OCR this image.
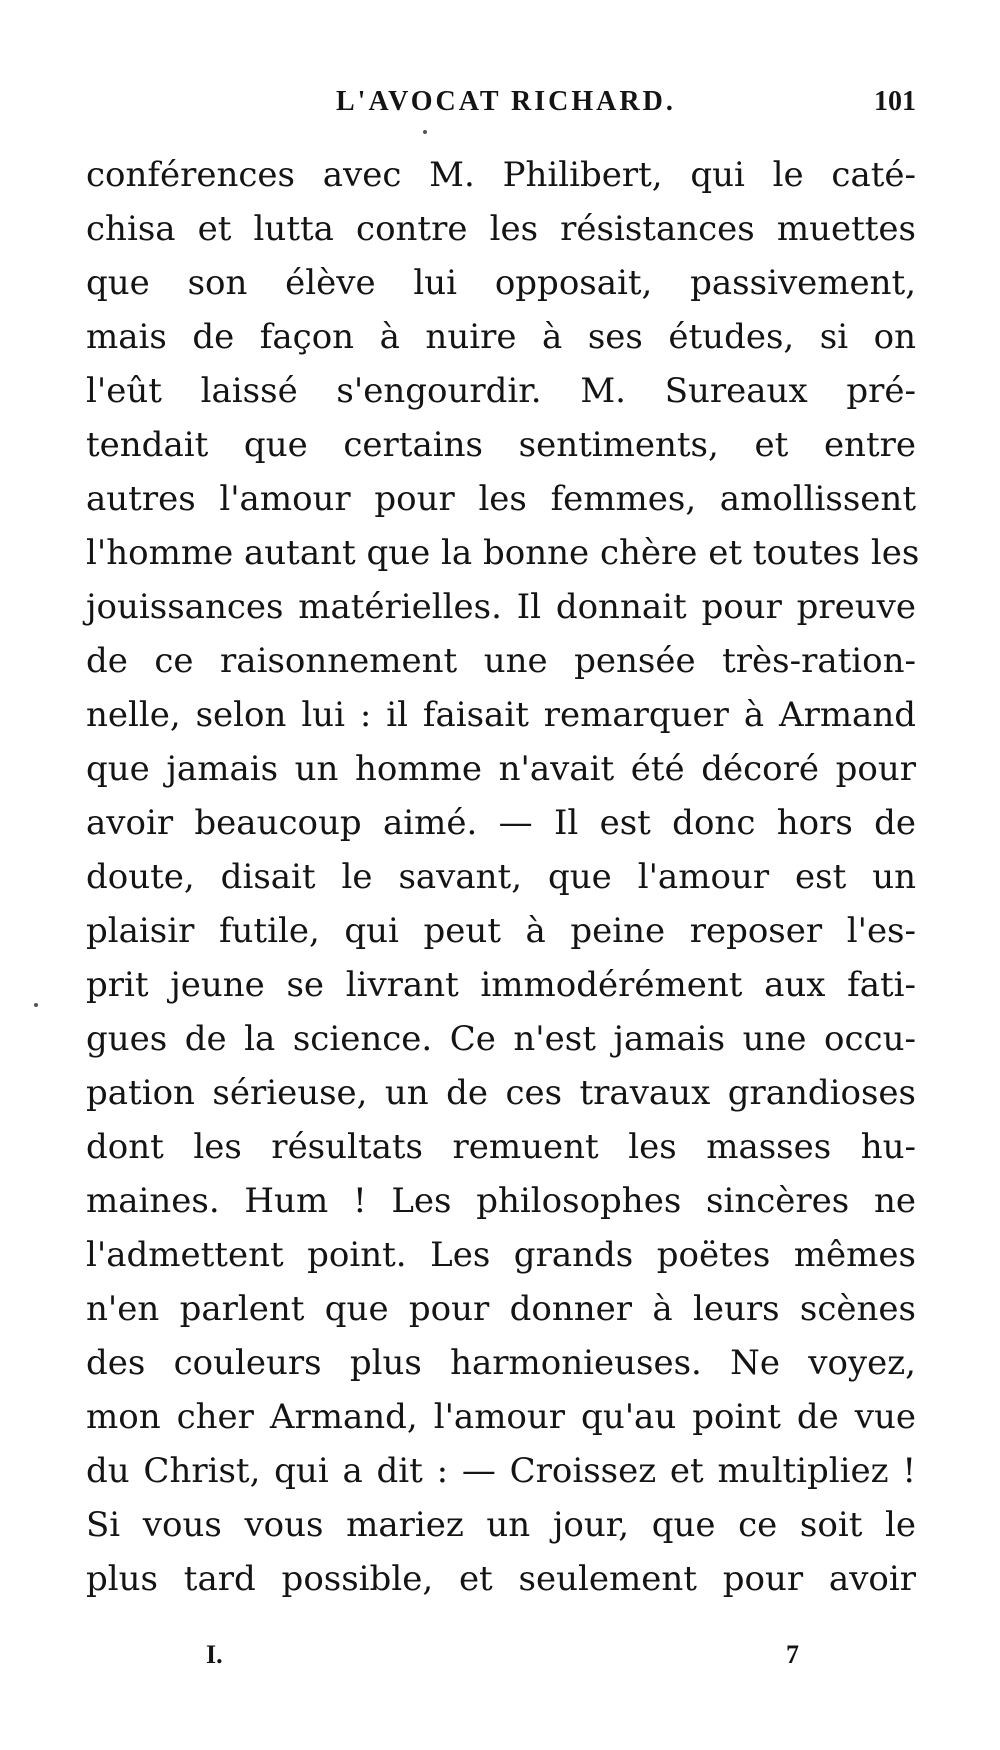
L'AVOCAT RICHARD.	101
conférences avec M. Philibert, qui le caté-
chisa et lutta contre les résistances muettes
que son élève lui opposait, passivement,
mais de façon à nuire à ses études, si on
l'eût laissé s'engourdir. M. Sureaux pré-
tendait que certains sentiments, et entre
autres l'amour pour les femmes, amollissent
l'homme autant que la bonne chère et toutes les
jouissances matérielles. Il donnait pour preuve
de ce raisonnement une pensée très-ration-
nelle, selon lui : il faisait remarquer à Armand
que jamais un homme n'avait été décoré pour
avoir beaucoup aimé. — Il est donc hors de
doute, disait le savant, que l'amour est un
plaisir futile, qui peut à peine reposer l'es-
prit jeune se livrant immodérément aux fati-
gues de la science. Ce n'est jamais une occu-
pation sérieuse, un de ces travaux grandioses
dont les résultats remuent les masses hu-
maines. Hum ! Les philosophes sincères ne
l'admettent point. Les grands poëtes mêmes
n'en parlent que pour donner à leurs scènes
des couleurs plus harmonieuses. Ne voyez,
mon cher Armand, l'amour qu'au point de vue
du Christ, qui a dit : — Croissez et multipliez !
Si vous vous mariez un jour, que ce soit le
plus tard possible, et seulement pour avoir
I.	7
